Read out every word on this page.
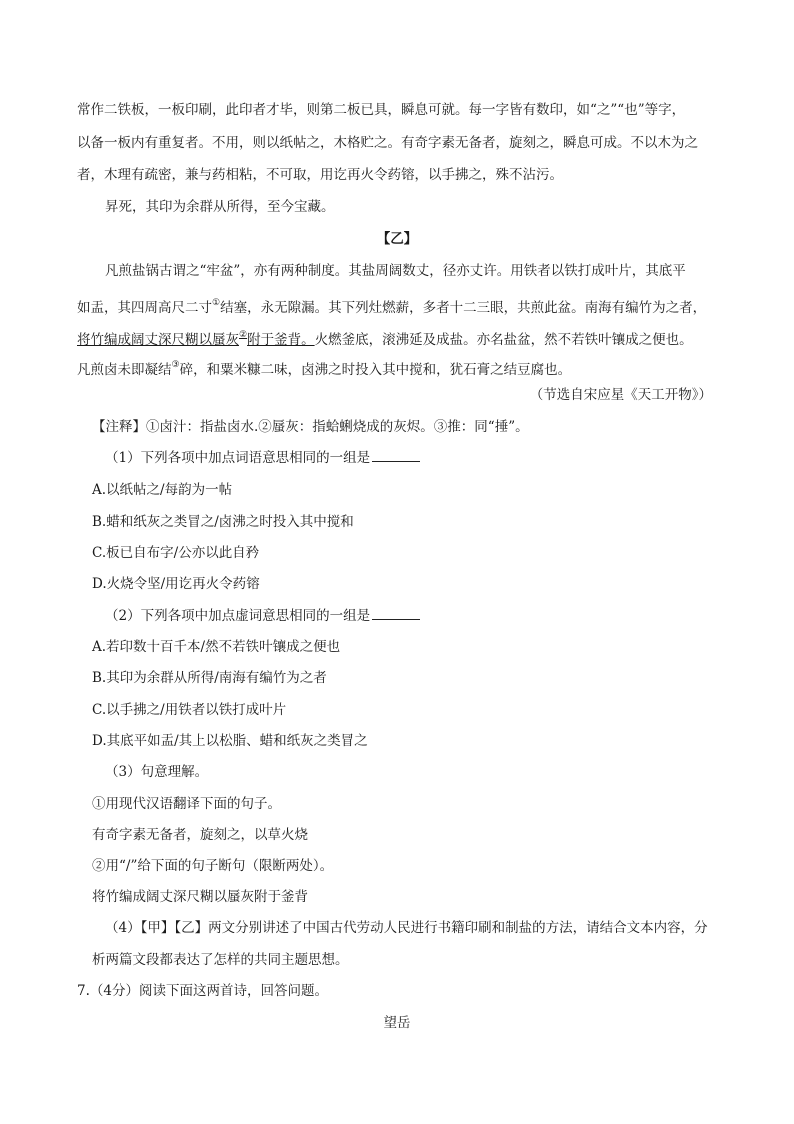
常作二铁板，一板印刷，此印者才毕，则第二板已具，瞬息可就。每一字皆有数印，如“之”“也”等字，
以备一板内有重复者。不用，则以纸帖之，木格贮之。有奇字素无备者，旋刻之，瞬息可成。不以木为之
者，木理有疏密，兼与药相粘，不可取，用讫再火令药镕，以手拂之，殊不沾污。
昇死，其印为余群从所得，至今宝藏。
【乙】
凡煎盐锅古谓之“牢盆”，亦有两种制度。其盐周阔数丈，径亦丈许。用铁者以铁打成叶片，其底平
如盂，其四周高尺二寸①结塞，永无隙漏。其下列灶燃薪，多者十二三眼，共煎此盆。南海有编竹为之者，
将竹编成阔丈深尺糊以蜃灰②附于釜背。火燃釜底，滚沸延及成盐。亦名盐盆，然不若铁叶镶成之便也。
凡煎卤未即凝结③碎，和粟米糠二味，卤沸之时投入其中搅和，犹石膏之结豆腐也。
（节选自宋应星《天工开物》）
【注释】①卤汁：指盐卤水.②蜃灰：指蛤蜊烧成的灰烬。③推：同“捶”。
（1）下列各项中加点词语意思相同的一组是
A.以纸帖之/每韵为一帖
B.蜡和纸灰之类冒之/卤沸之时投入其中搅和
C.板已自布字/公亦以此自矜
D.火烧令坚/用讫再火令药镕
（2）下列各项中加点虚词意思相同的一组是
A.若印数十百千本/然不若铁叶镶成之便也
B.其印为余群从所得/南海有编竹为之者
C.以手拂之/用铁者以铁打成叶片
D.其底平如盂/其上以松脂、蜡和纸灰之类冒之
（3）句意理解。
①用现代汉语翻译下面的句子。
有奇字素无备者，旋刻之，以草火烧
②用“/”给下面的句子断句（限断两处）。
将竹编成阔丈深尺糊以蜃灰附于釜背
（4）【甲】【乙】两文分别讲述了中国古代劳动人民进行书籍印刷和制盐的方法，请结合文本内容，分
析两篇文段都表达了怎样的共同主题思想。
7.（4分）阅读下面这两首诗，回答问题。
望岳
